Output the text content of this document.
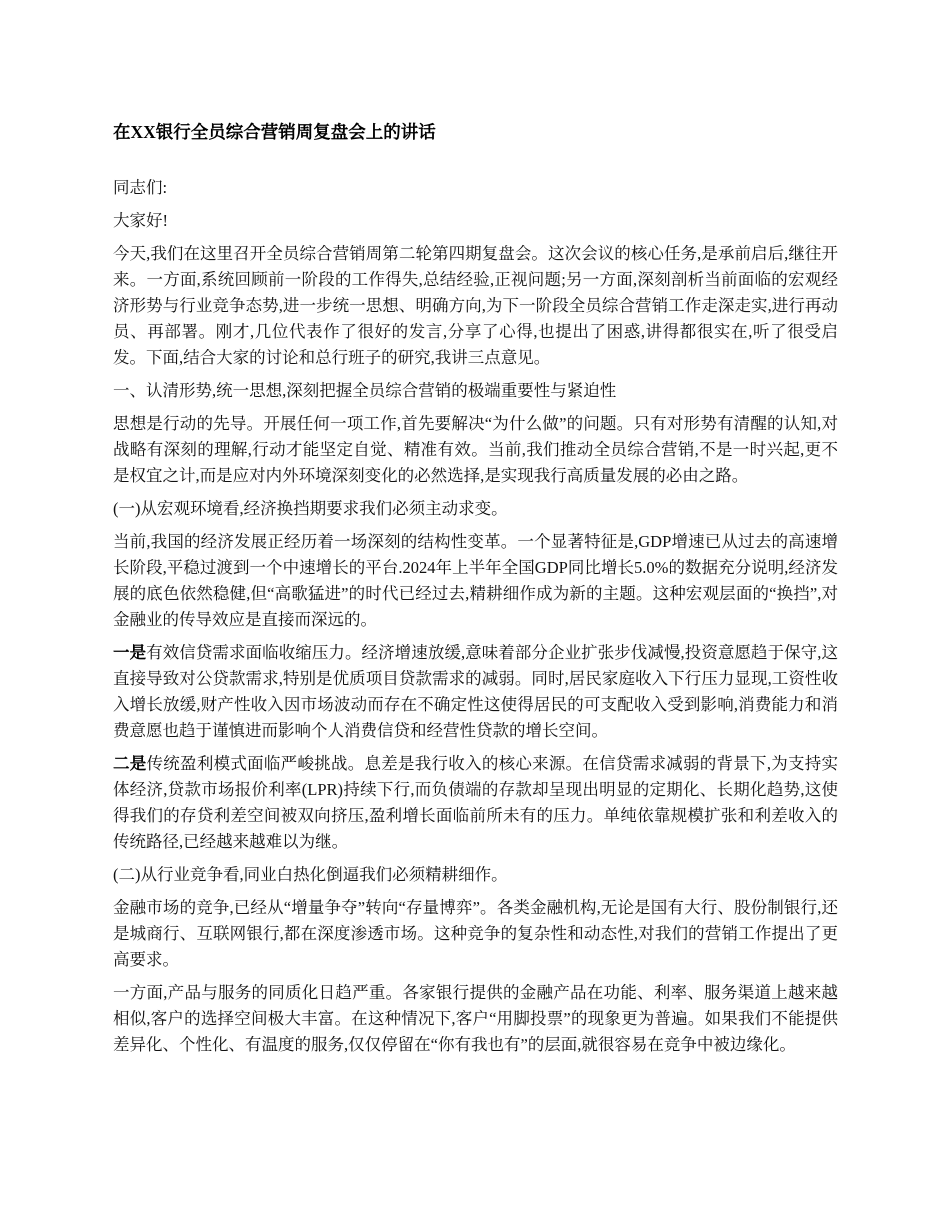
在XX银行全员综合营销周复盘会上的讲话

同志们:

大家好!

今天,我们在这里召开全员综合营销周第二轮第四期复盘会。这次会议的核心任务,是承前启后,继往开来。一方面,系统回顾前一阶段的工作得失,总结经验,正视问题;另一方面,深刻剖析当前面临的宏观经济形势与行业竞争态势,进一步统一思想、明确方向,为下一阶段全员综合营销工作走深走实,进行再动员、再部署。刚才,几位代表作了很好的发言,分享了心得,也提出了困惑,讲得都很实在,听了很受启发。下面,结合大家的讨论和总行班子的研究,我讲三点意见。

一、认清形势,统一思想,深刻把握全员综合营销的极端重要性与紧迫性

思想是行动的先导。开展任何一项工作,首先要解决“为什么做”的问题。只有对形势有清醒的认知,对战略有深刻的理解,行动才能坚定自觉、精准有效。当前,我们推动全员综合营销,不是一时兴起,更不是权宜之计,而是应对内外环境深刻变化的必然选择,是实现我行高质量发展的必由之路。

(一)从宏观环境看,经济换挡期要求我们必须主动求变。

当前,我国的经济发展正经历着一场深刻的结构性变革。一个显著特征是,GDP增速已从过去的高速增长阶段,平稳过渡到一个中速增长的平台.2024年上半年全国GDP同比增长5.0%的数据充分说明,经济发展的底色依然稳健,但“高歌猛进”的时代已经过去,精耕细作成为新的主题。这种宏观层面的“换挡”,对金融业的传导效应是直接而深远的。

一是有效信贷需求面临收缩压力。经济增速放缓,意味着部分企业扩张步伐减慢,投资意愿趋于保守,这直接导致对公贷款需求,特别是优质项目贷款需求的减弱。同时,居民家庭收入下行压力显现,工资性收入增长放缓,财产性收入因市场波动而存在不确定性这使得居民的可支配收入受到影响,消费能力和消费意愿也趋于谨慎进而影响个人消费信贷和经营性贷款的增长空间。

二是传统盈利模式面临严峻挑战。息差是我行收入的核心来源。在信贷需求减弱的背景下,为支持实体经济,贷款市场报价利率(LPR)持续下行,而负债端的存款却呈现出明显的定期化、长期化趋势,这使得我们的存贷利差空间被双向挤压,盈利增长面临前所未有的压力。单纯依靠规模扩张和利差收入的传统路径,已经越来越难以为继。

(二)从行业竞争看,同业白热化倒逼我们必须精耕细作。

金融市场的竞争,已经从“增量争夺”转向“存量博弈”。各类金融机构,无论是国有大行、股份制银行,还是城商行、互联网银行,都在深度渗透市场。这种竞争的复杂性和动态性,对我们的营销工作提出了更高要求。

一方面,产品与服务的同质化日趋严重。各家银行提供的金融产品在功能、利率、服务渠道上越来越相似,客户的选择空间极大丰富。在这种情况下,客户“用脚投票”的现象更为普遍。如果我们不能提供差异化、个性化、有温度的服务,仅仅停留在“你有我也有”的层面,就很容易在竞争中被边缘化。
